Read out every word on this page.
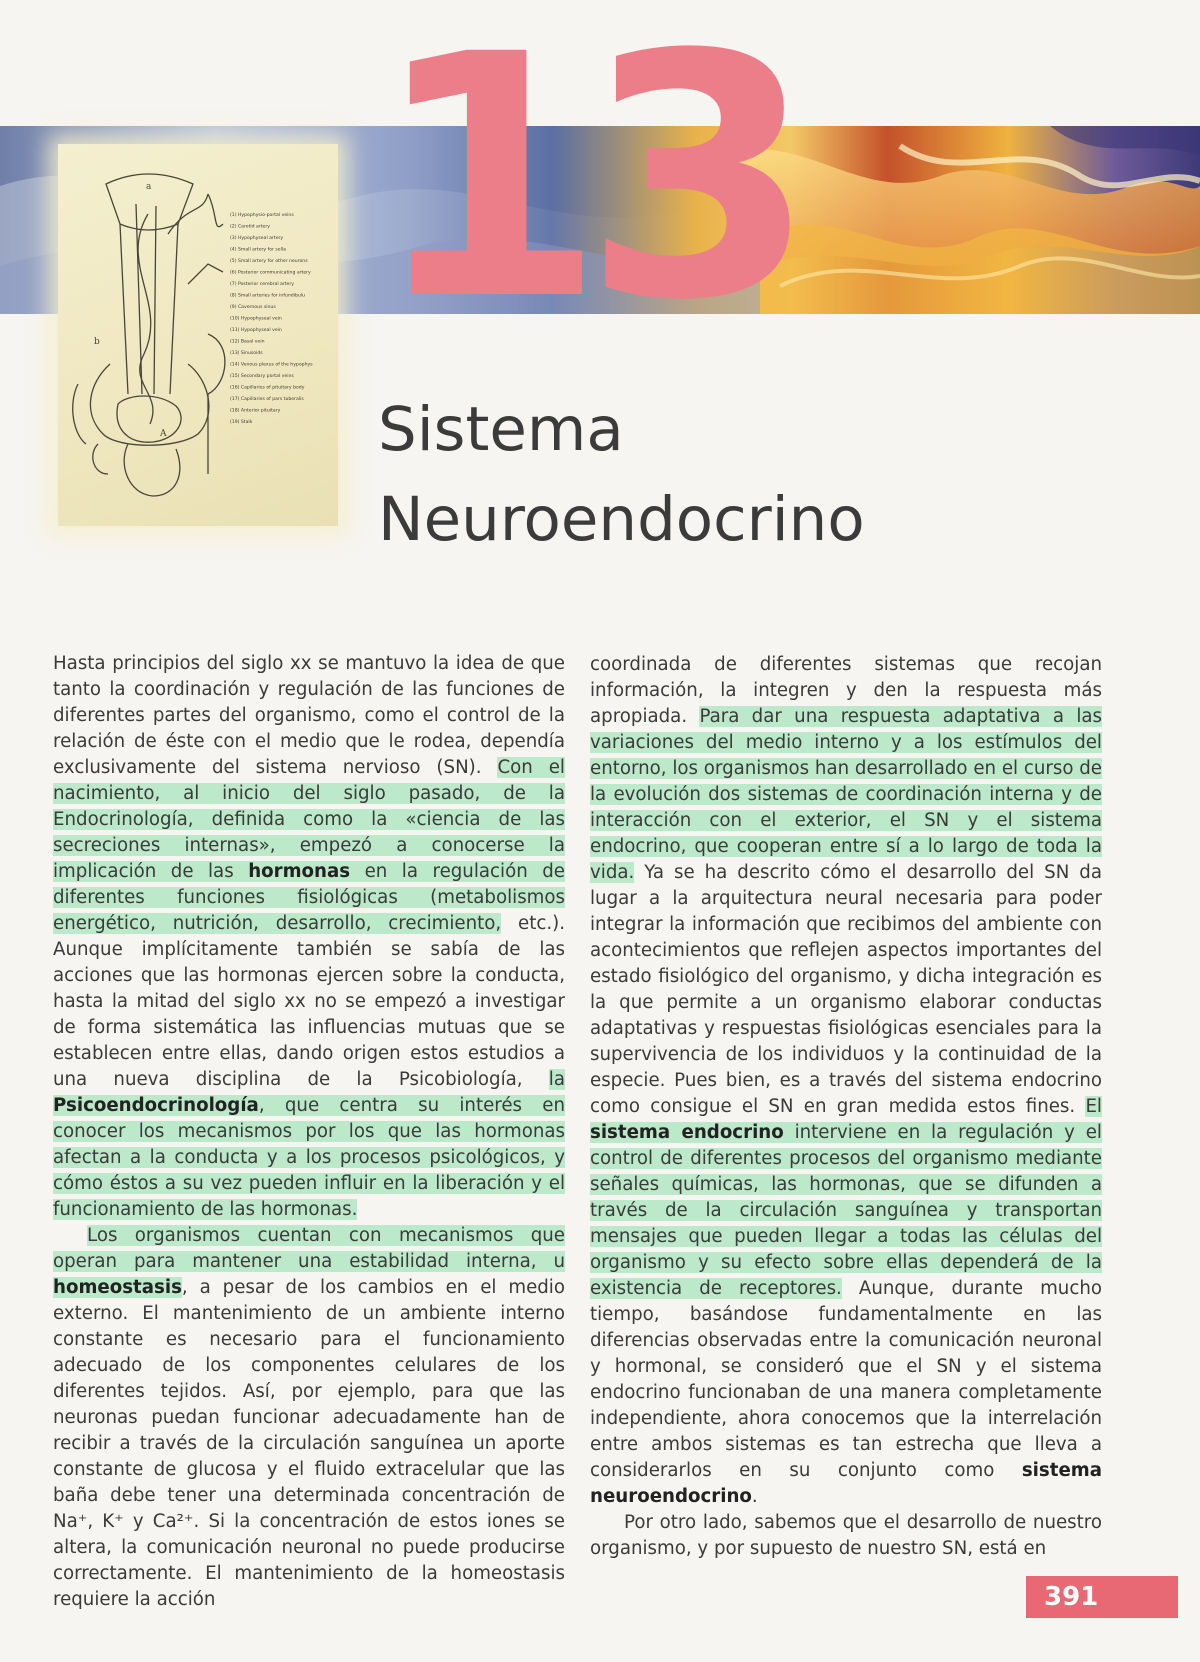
a
b
A
(1) Hypophysio-portal veins
(2) Carotid artery
(3) Hypophyseal artery
(4) Small artery for sella
(5) Small artery for other neurons
(6) Posterior communicating artery
(7) Posterior cerebral artery
(8) Small arteries for infundibulu
(9) Cavernous sinus
(10) Hypophyseal vein
(11) Hypophyseal vein
(12) Basal vein
(13) Sinusoids
(14) Venous plexus of the hypophys
(15) Secondary portal veins
(16) Capillaries of pituitary body
(17) Capillaries of pars tuberalis
(18) Anterior pituitary
(19) Stalk
13
Sistema
Neuroendocrino

Hasta principios del siglo xx se mantuvo la idea de que tanto la coordinación y regulación de las funciones de diferentes partes del organismo, como el control de la relación de éste con el medio que le rodea, dependía exclusivamente del sistema nervioso (SN). Con el nacimiento, al inicio del siglo pasado, de la Endocrinología, definida como la «ciencia de las secreciones internas», empezó a conocerse la implicación de las hormonas en la regulación de diferentes funciones fisiológicas (metabolismos energético, nutrición, desarrollo, crecimiento, etc.). Aunque implícitamente también se sabía de las acciones que las hormonas ejercen sobre la conducta, hasta la mitad del siglo xx no se empezó a investigar de forma sistemática las influencias mutuas que se establecen entre ellas, dando origen estos estudios a una nueva disciplina de la Psicobiología, la Psicoendocrinología, que centra su interés en conocer los mecanismos por los que las hormonas afectan a la conducta y a los procesos psicológicos, y cómo éstos a su vez pueden influir en la liberación y el funcionamiento de las hormonas.

Los organismos cuentan con mecanismos que operan para mantener una estabilidad interna, u homeostasis, a pesar de los cambios en el medio externo. El mantenimiento de un ambiente interno constante es necesario para el funcionamiento adecuado de los componentes celulares de los diferentes tejidos. Así, por ejemplo, para que las neuronas puedan funcionar adecuadamente han de recibir a través de la circulación sanguínea un aporte constante de glucosa y el fluido extracelular que las baña debe tener una determinada concentración de Na⁺, K⁺ y Ca²⁺. Si la concentración de estos iones se altera, la comunicación neuronal no puede producirse correctamente. El mantenimiento de la homeostasis requiere la acción

coordinada de diferentes sistemas que recojan información, la integren y den la respuesta más apropiada. Para dar una respuesta adaptativa a las variaciones del medio interno y a los estímulos del entorno, los organismos han desarrollado en el curso de la evolución dos sistemas de coordinación interna y de interacción con el exterior, el SN y el sistema endocrino, que cooperan entre sí a lo largo de toda la vida. Ya se ha descrito cómo el desarrollo del SN da lugar a la arquitectura neural necesaria para poder integrar la información que recibimos del ambiente con acontecimientos que reflejen aspectos importantes del estado fisiológico del organismo, y dicha integración es la que permite a un organismo elaborar conductas adaptativas y respuestas fisiológicas esenciales para la supervivencia de los individuos y la continuidad de la especie. Pues bien, es a través del sistema endocrino como consigue el SN en gran medida estos fines. El sistema endocrino interviene en la regulación y el control de diferentes procesos del organismo mediante señales químicas, las hormonas, que se difunden a través de la circulación sanguínea y transportan mensajes que pueden llegar a todas las células del organismo y su efecto sobre ellas dependerá de la existencia de receptores. Aunque, durante mucho tiempo, basándose fundamentalmente en las diferencias observadas entre la comunicación neuronal y hormonal, se consideró que el SN y el sistema endocrino funcionaban de una manera completamente independiente, ahora conocemos que la interrelación entre ambos sistemas es tan estrecha que lleva a considerarlos en su conjunto como sistema neuroendocrino.

Por otro lado, sabemos que el desarrollo de nuestro organismo, y por supuesto de nuestro SN, está en

391
